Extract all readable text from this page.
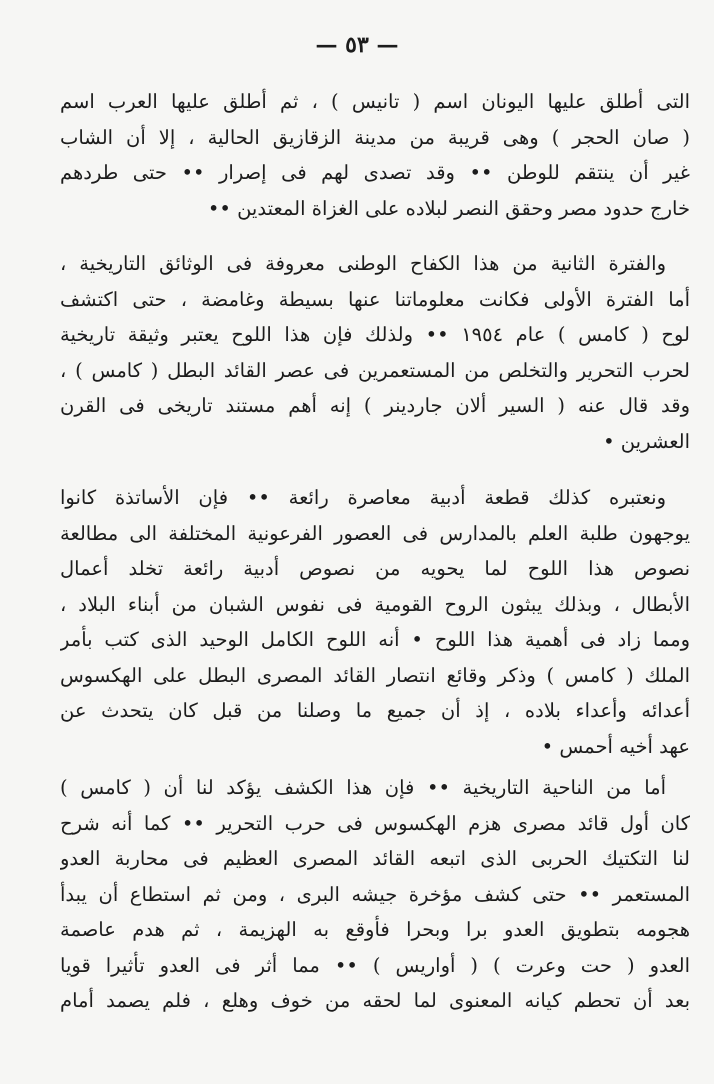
— ٥٣ —
التى أطلق عليها اليونان اسم ( تانيس ) ، ثم أطلق عليها العرب اسم
( صان الحجر ) وهى قريبة من مدينة الزقازيق الحالية ، إلا أن الشاب
غير أن ينتقم للوطن •• وقد تصدى لهم فى إصرار •• حتى طردهم
خارج حدود مصر وحقق النصر لبلاده على الغزاة المعتدين ••
والفترة الثانية من هذا الكفاح الوطنى معروفة فى الوثائق التاريخية ،
أما الفترة الأولى فكانت معلوماتنا عنها بسيطة وغامضة ، حتى اكتشف
لوح ( كامس ) عام ١٩٥٤ •• ولذلك فإن هذا اللوح يعتبر وثيقة تاريخية
لحرب التحرير والتخلص من المستعمرين فى عصر القائد البطل ( كامس ) ،
وقد قال عنه ( السير ألان جاردينر ) إنه أهم مستند تاريخى فى القرن
العشرين •
ونعتبره كذلك قطعة أدبية معاصرة رائعة •• فإن الأساتذة كانوا
يوجهون طلبة العلم بالمدارس فى العصور الفرعونية المختلفة الى مطالعة
نصوص هذا اللوح لما يحويه من نصوص أدبية رائعة تخلد أعمال
الأبطال ، وبذلك يبثون الروح القومية فى نفوس الشبان من أبناء البلاد ،
ومما زاد فى أهمية هذا اللوح • أنه اللوح الكامل الوحيد الذى كتب بأمر
الملك ( كامس ) وذكر وقائع انتصار القائد المصرى البطل على الهكسوس
أعدائه وأعداء بلاده ، إذ أن جميع ما وصلنا من قبل كان يتحدث عن
عهد أخيه أحمس •
أما من الناحية التاريخية •• فإن هذا الكشف يؤكد لنا أن ( كامس )
كان أول قائد مصرى هزم الهكسوس فى حرب التحرير •• كما أنه شرح
لنا التكتيك الحربى الذى اتبعه القائد المصرى العظيم فى محاربة العدو
المستعمر •• حتى كشف مؤخرة جيشه البرى ، ومن ثم استطاع أن يبدأ
هجومه بتطويق العدو برا وبحرا فأوقع به الهزيمة ، ثم هدم عاصمة
العدو ( حت وعرت ) ( أواريس ) •• مما أثر فى العدو تأثيرا قويا
بعد أن تحطم كيانه المعنوى لما لحقه من خوف وهلع ، فلم يصمد أمام
